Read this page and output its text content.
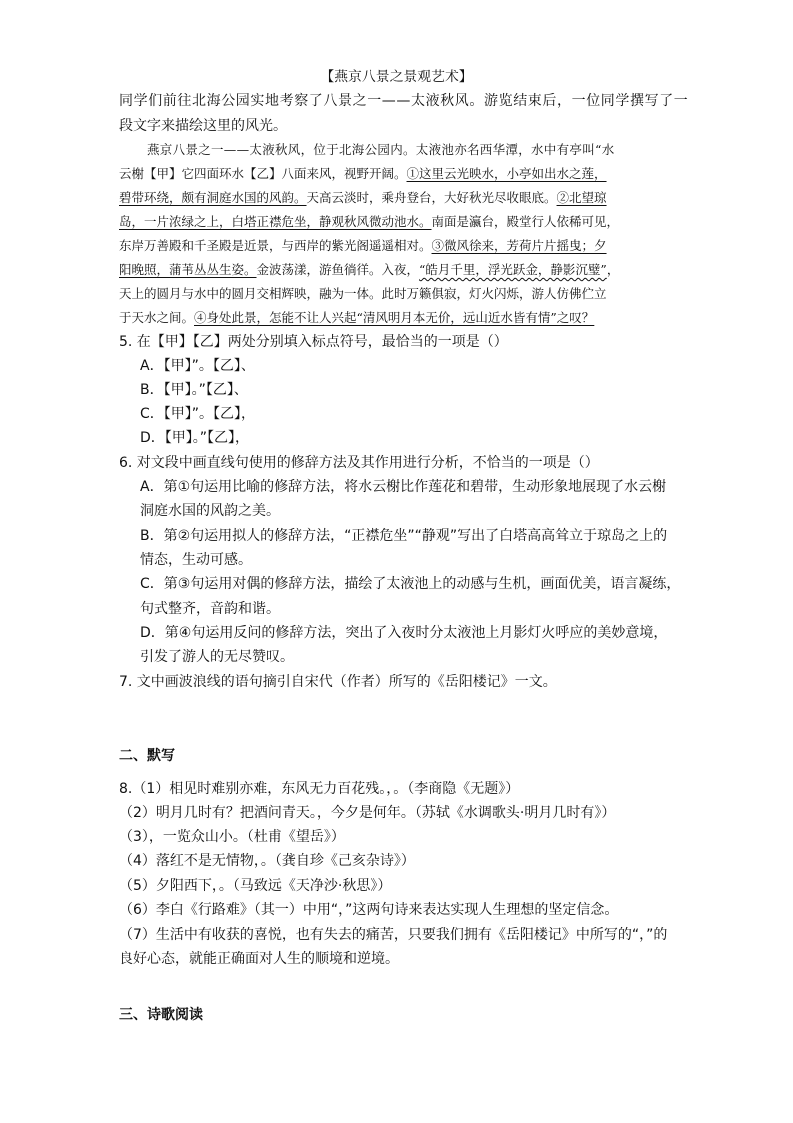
【燕京八景之景观艺术】
同学们前往北海公园实地考察了八景之一——太液秋风。游览结束后，一位同学撰写了一
段文字来描绘这里的风光。
燕京八景之一——太液秋风，位于北海公园内。太液池亦名西华潭，水中有亭叫“水
云榭【甲】它四面环水【乙】八面来风，视野开阔。①这里云光映水，小亭如出水之莲，
碧带环绕，颇有洞庭水国的风韵。天高云淡时，乘舟登台，大好秋光尽收眼底。②北望琼
岛，一片浓绿之上，白塔正襟危坐，静观秋风微动池水。南面是瀛台，殿堂行人依稀可见，
东岸万善殿和千圣殿是近景，与西岸的紫光阁遥遥相对。③微风徐来，芳荷片片摇曳；夕
阳晚照，蒲苇丛丛生姿。金波荡漾，游鱼徜徉。入夜，“皓月千里，浮光跃金，静影沉璧”，
天上的圆月与水中的圆月交相辉映，融为一体。此时万籁俱寂，灯火闪烁，游人仿佛伫立
于天水之间。④身处此景，怎能不让人兴起“清风明月本无价，远山近水皆有情”之叹？
5. 在【甲】【乙】两处分别填入标点符号，最恰当的一项是（）
A．【甲】”。【乙】、
B．【甲】。”【乙】、
C．【甲】”。【乙】，
D．【甲】。”【乙】，
6. 对文段中画直线句使用的修辞方法及其作用进行分析，不恰当的一项是（）
A．第①句运用比喻的修辞方法，将水云榭比作莲花和碧带，生动形象地展现了水云榭
洞庭水国的风韵之美。
B．第②句运用拟人的修辞方法，“正襟危坐”“静观”写出了白塔高高耸立于琼岛之上的
情态，生动可感。
C．第③句运用对偶的修辞方法，描绘了太液池上的动感与生机，画面优美，语言凝练，
句式整齐，音韵和谐。
D．第④句运用反问的修辞方法，突出了入夜时分太液池上月影灯火呼应的美妙意境，
引发了游人的无尽赞叹。
7. 文中画波浪线的语句摘引自宋代（作者）所写的《岳阳楼记》一文。
二、默写
8.（1）相见时难别亦难，东风无力百花残。，。（李商隐《无题》）
（2）明月几时有？把酒问青天。，今夕是何年。（苏轼《水调歌头·明月几时有》）
（3），一览众山小。（杜甫《望岳》）
（4）落红不是无情物，。（龚自珍《己亥杂诗》）
（5）夕阳西下，。（马致远《天净沙·秋思》）
（6）李白《行路难》（其一）中用“，”这两句诗来表达实现人生理想的坚定信念。
（7）生活中有收获的喜悦，也有失去的痛苦，只要我们拥有《岳阳楼记》中所写的“，”的
良好心态，就能正确面对人生的顺境和逆境。
三、诗歌阅读
